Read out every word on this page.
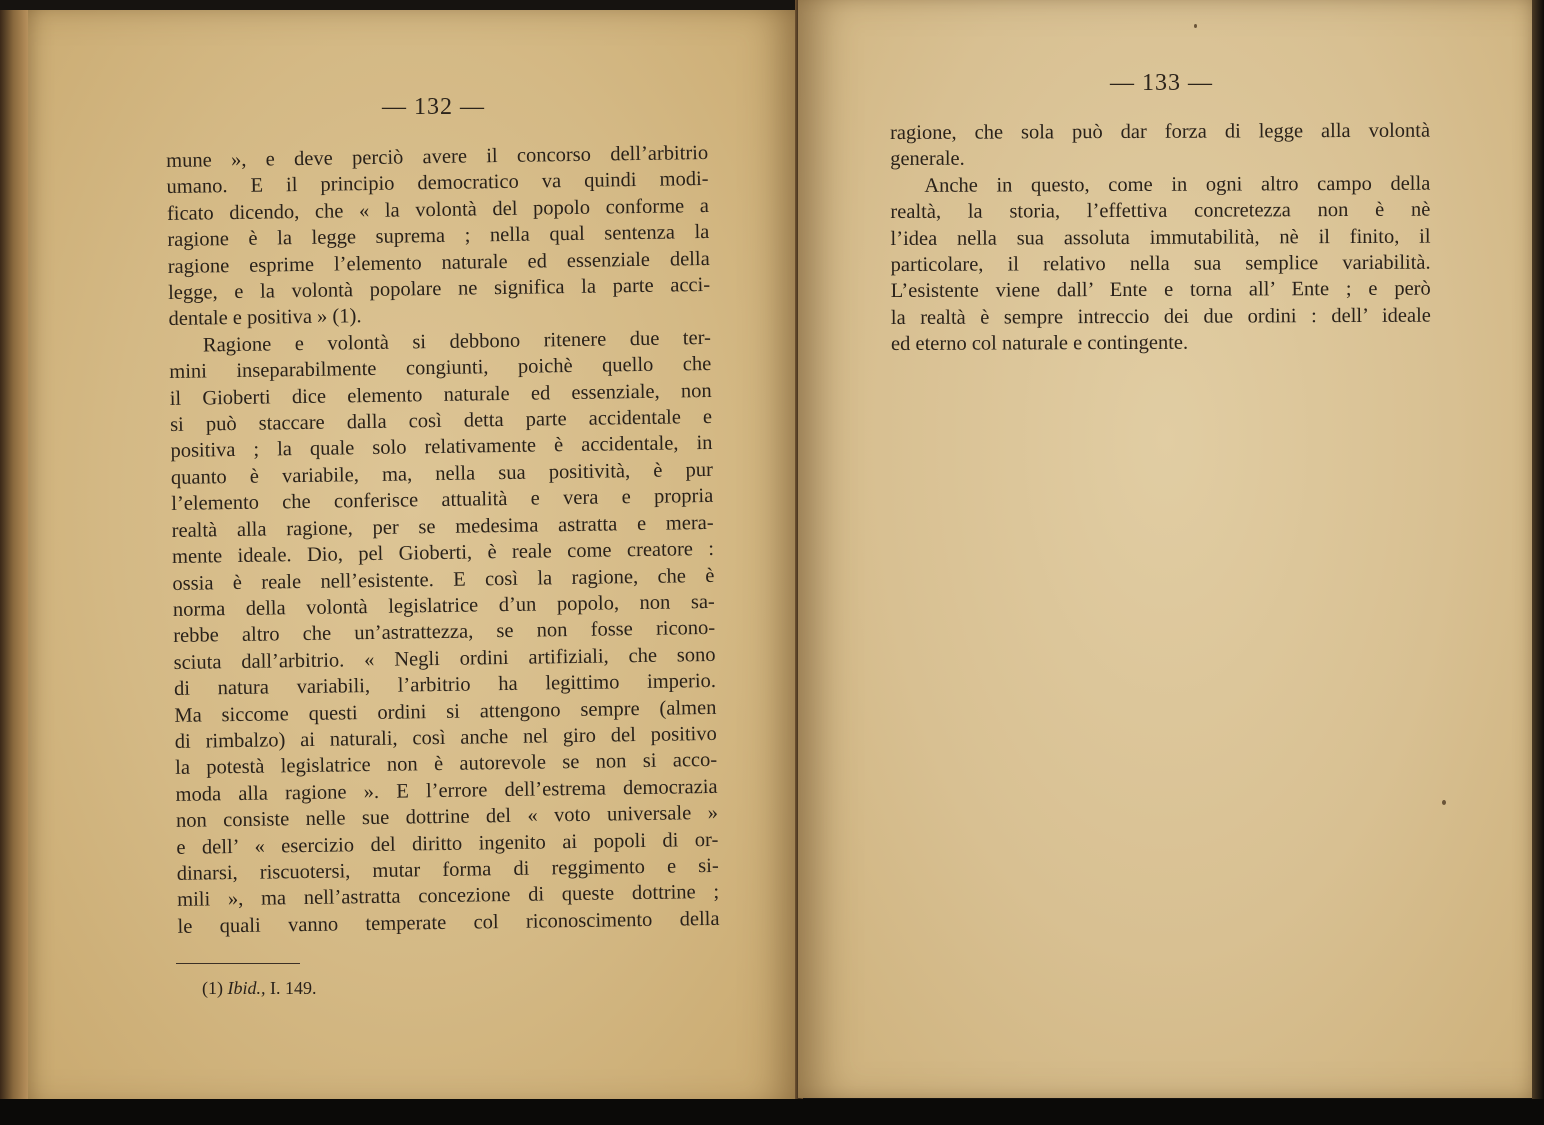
— 132 —
mune », e deve perciò avere il concorso dell’arbitrio
umano. E il principio democratico va quindi modi-
ficato dicendo, che « la volontà del popolo conforme a
ragione è la legge suprema ; nella qual sentenza la
ragione esprime l’elemento naturale ed essenziale della
legge, e la volontà popolare ne significa la parte acci-
dentale e positiva » (1).
Ragione e volontà si debbono ritenere due ter-
mini inseparabilmente congiunti, poichè quello che
il Gioberti dice elemento naturale ed essenziale, non
si può staccare dalla così detta parte accidentale e
positiva ; la quale solo relativamente è accidentale, in
quanto è variabile, ma, nella sua positività, è pur
l’elemento che conferisce attualità e vera e propria
realtà alla ragione, per se medesima astratta e mera-
mente ideale. Dio, pel Gioberti, è reale come creatore :
ossia è reale nell’esistente. E così la ragione, che è
norma della volontà legislatrice d’un popolo, non sa-
rebbe altro che un’astrattezza, se non fosse ricono-
sciuta dall’arbitrio. « Negli ordini artifiziali, che sono
di natura variabili, l’arbitrio ha legittimo imperio.
Ma siccome questi ordini si attengono sempre (almen
di rimbalzo) ai naturali, così anche nel giro del positivo
la potestà legislatrice non è autorevole se non si acco-
moda alla ragione ». E l’errore dell’estrema democrazia
non consiste nelle sue dottrine del « voto universale »
e dell’ « esercizio del diritto ingenito ai popoli di or-
dinarsi, riscuotersi, mutar forma di reggimento e si-
mili », ma nell’astratta concezione di queste dottrine ;
le quali vanno temperate col riconoscimento della
(1) Ibid., I. 149.
— 133 —
ragione, che sola può dar forza di legge alla volontà
generale.
Anche in questo, come in ogni altro campo della
realtà, la storia, l’effettiva concretezza non è nè
l’idea nella sua assoluta immutabilità, nè il finito, il
particolare, il relativo nella sua semplice variabilità.
L’esistente viene dall’ Ente e torna all’ Ente ; e però
la realtà è sempre intreccio dei due ordini : dell’ ideale
ed eterno col naturale e contingente.
